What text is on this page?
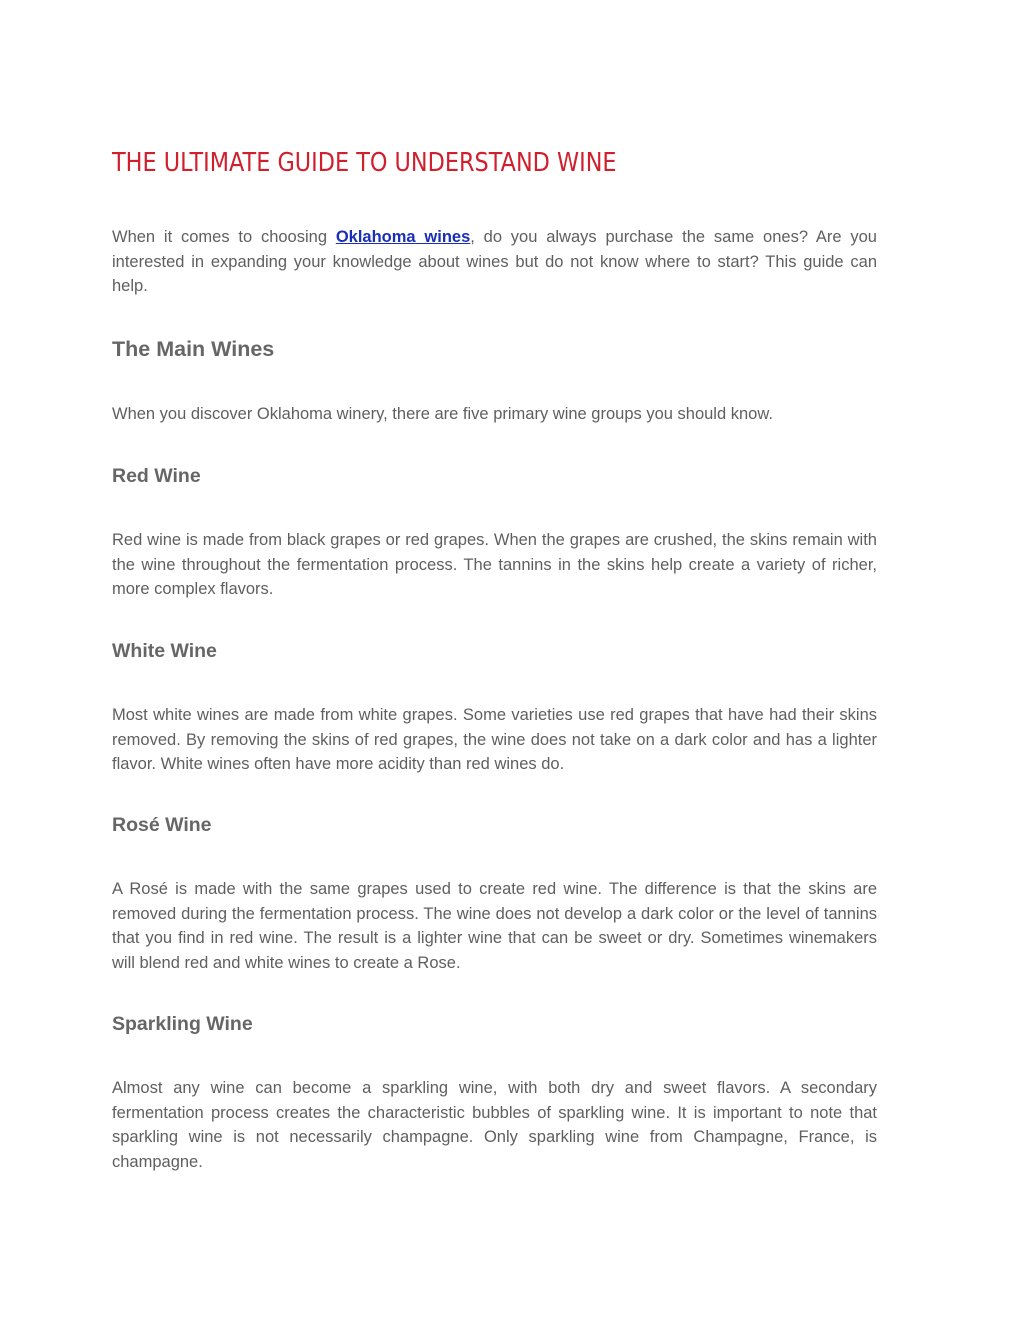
THE ULTIMATE GUIDE TO UNDERSTAND WINE

When it comes to choosing Oklahoma wines, do you always purchase the same ones? Are you interested in expanding your knowledge about wines but do not know where to start? This guide can help.

The Main Wines

When you discover Oklahoma winery, there are five primary wine groups you should know.

Red Wine

Red wine is made from black grapes or red grapes. When the grapes are crushed, the skins remain with the wine throughout the fermentation process. The tannins in the skins help create a variety of richer, more complex flavors.

White Wine

Most white wines are made from white grapes. Some varieties use red grapes that have had their skins removed. By removing the skins of red grapes, the wine does not take on a dark color and has a lighter flavor. White wines often have more acidity than red wines do.

Rosé Wine

A Rosé is made with the same grapes used to create red wine. The difference is that the skins are removed during the fermentation process. The wine does not develop a dark color or the level of tannins that you find in red wine. The result is a lighter wine that can be sweet or dry. Sometimes winemakers will blend red and white wines to create a Rose.

Sparkling Wine

Almost any wine can become a sparkling wine, with both dry and sweet flavors. A secondary fermentation process creates the characteristic bubbles of sparkling wine. It is important to note that sparkling wine is not necessarily champagne. Only sparkling wine from Champagne, France, is champagne.
